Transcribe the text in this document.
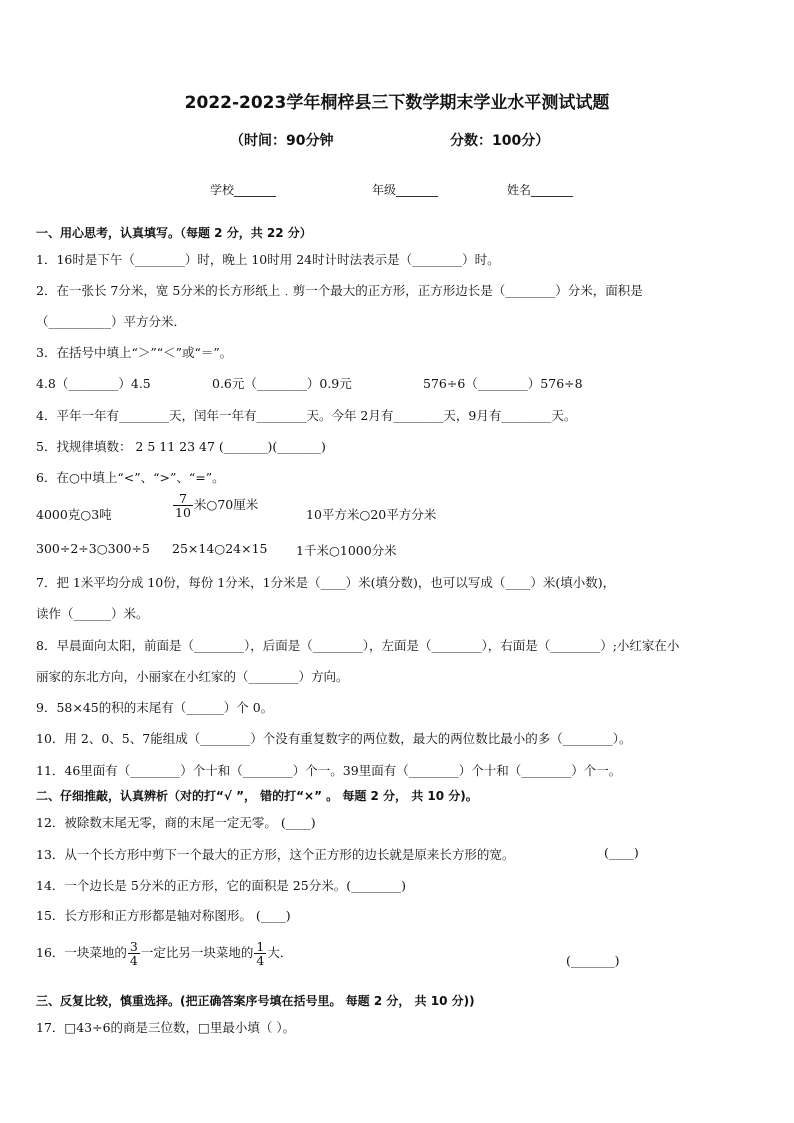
2022-2023学年桐梓县三下数学期末学业水平测试试题
（时间：90分钟	分数：100分）
学校_______	年级_______	姓名_______
一、用心思考，认真填写。（每题 2 分，共 22 分）
1．16时是下午（________）时，晚上 10时用 24时计时法表示是（________）时。
2．在一张长 7分米，宽 5分米的长方形纸上﹒剪一个最大的正方形，正方形边长是（________）分米，面积是
（__________）平方分米．
3．在括号中填上“＞”“＜”或“＝”。
4.8（________）4.5	0.6元（________）0.9元	576÷6（________）576÷8
4．平年一年有________天，闰年一年有________天。今年 2月有________天，9月有________天。
5．找规律填数： 2 5 11 23 47 (_______)(_______)
6．在○中填上“<”、“>”、“=”。
4000克○3吨	$\frac{7}{10}$ 米○70厘米
10平方米○20平方分米
300÷2÷3○300÷5 25×14○24×15 1千米○1000分米
7．把 1米平均分成 10份，每份 1分米，1分米是（____）米(填分数)，也可以写成（____）米(填小数)，
读作（______）米。
8．早晨面向太阳，前面是（________），后面是（________），左面是（________），右面是（________）;小红家在小
丽家的东北方向，小丽家在小红家的（________）方向。
9．58×45的积的末尾有（______）个 0。
10．用 2、0、5、7能组成（________）个没有重复数字的两位数，最大的两位数比最小的多（________）。
11．46里面有（________）个十和（________）个一。39里面有（________）个十和（________）个一。
二、仔细推敲，认真辨析（对的打“√ ”， 错的打“×” 。 每题 2 分， 共 10 分)。
12．被除数末尾无零，商的末尾一定无零。 (____)
13．从一个长方形中剪下一个最大的正方形，这个正方形的边长就是原来长方形的宽。	(____)
14．一个边长是 5分米的正方形，它的面积是 25分米。(________)
15．长方形和正方形都是轴对称图形。 (____)
16．一块菜地的 $\frac{3}{4}$ 一定比另一块菜地的 $\frac{1}{4}$ 大．
(_______)
三、反复比较，慎重选择。(把正确答案序号填在括号里。 每题 2 分， 共 10 分))
17．□43÷6的商是三位数，□里最小填（ ）。
